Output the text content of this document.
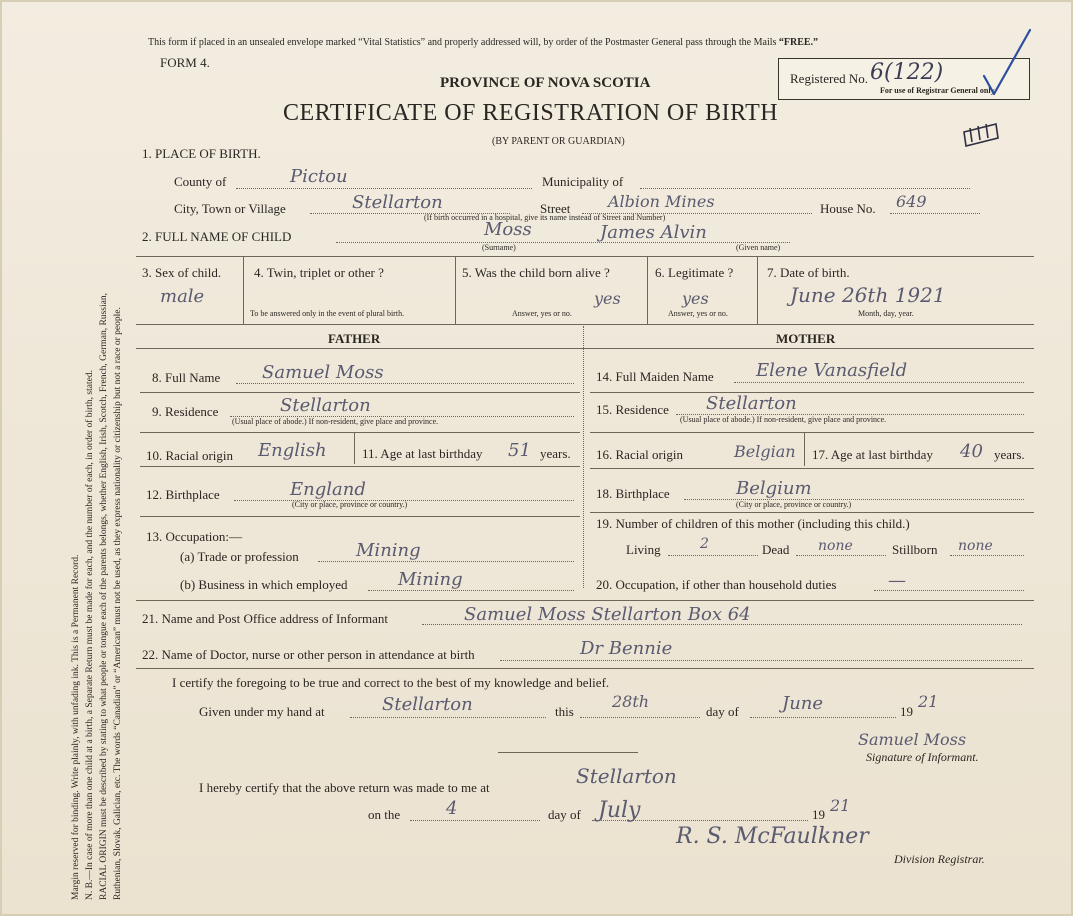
Margin reserved for binding. Write plainly, with unfading ink. This is a Permanent Record. N. B.—In case of more than one child at a birth, a Separate Return must be made for each, and the number of each, in order of birth, stated. RACIAL ORIGIN must be described by stating to what people or tongue each of the parents belongs, whether English, Irish, Scotch, French, German, Russian, Ruthenian, Slovak, Galician, etc. The words “Canadian” or “American” must not be used, as they express nationality or citizenship but not a race or people.
This form if placed in an unsealed envelope marked “Vital Statistics” and properly addressed will, by order of the Postmaster General pass through the Mails “FREE.”
FORM 4.
PROVINCE OF NOVA SCOTIA
CERTIFICATE OF REGISTRATION OF BIRTH
(BY PARENT OR GUARDIAN)
Registered No. 6(122)
For use of Registrar General only
1. PLACE OF BIRTH.
County of	Pictou	Municipality of
City, Town or Village	Stellarton	Street Albion Mines	House No. 649
(If birth occurred in a hospital, give its name instead of Street and Number)
2. FULL NAME OF CHILD	Moss	James Alvin
(Surname)	(Given name)
3. Sex of child.
male
4. Twin, triplet or other ?
To be answered only in the event of plural birth.
5. Was the child born alive ?
yes
Answer, yes or no.
6. Legitimate ?
yes
Answer, yes or no.
7. Date of birth.
June 26th 1921
Month, day, year.
FATHER	MOTHER
8. Full Name Samuel Moss
9. Residence	Stellarton
(Usual place of abode.) If non-resident, give place and province.
10. Racial origin English	11. Age at last birthday 51 years.
12. Birthplace	England
(City or place, province or country.)
13. Occupation:—
(a) Trade or profession	Mining
(b) Business in which employed	Mining
14. Full Maiden Name Elene Vanasfield
15. Residence Stellarton
(Usual place of abode.) If non-resident, give place and province.
16. Racial origin	Belgian 17. Age at last birthday 40 years.
18. Birthplace	Belgium
(City or place, province or country.)
19. Number of children of this mother (including this child.)
Living	2	Dead none	Stillborn none
20. Occupation, if other than household duties	—
21. Name and Post Office address of Informant	Samuel Moss Stellarton Box 64
22. Name of Doctor, nurse or other person in attendance at birth	Dr Bennie
I certify the foregoing to be true and correct to the best of my knowledge and belief.
Given under my hand at	Stellarton	this
28th
day of June	19
21
Samuel Moss
Signature of Informant.
I hereby certify that the above return was made to me at	Stellarton
on the	4	day of July	19 21
R. S. McFaulkner
Division Registrar.
